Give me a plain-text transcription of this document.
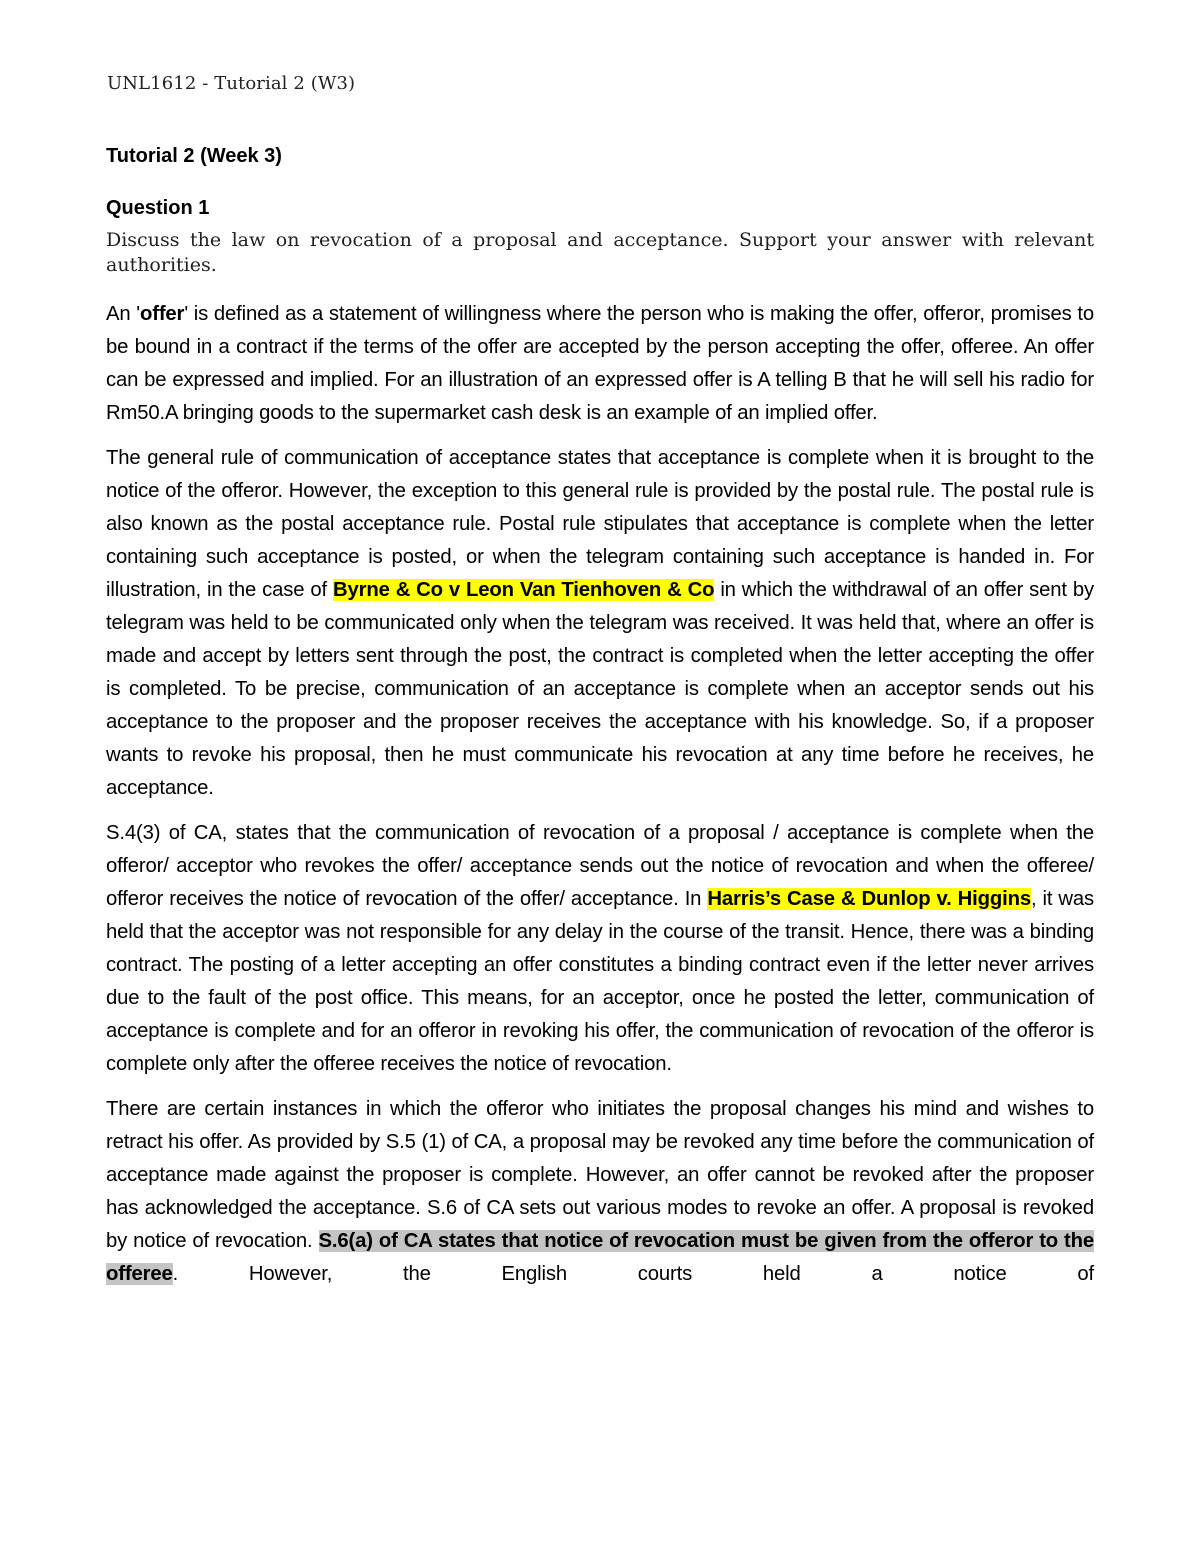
UNL1612 - Tutorial 2 (W3)

Tutorial 2 (Week 3)

Question 1

Discuss the law on revocation of a proposal and acceptance. Support your answer with relevant authorities.

An 'offer' is defined as a statement of willingness where the person who is making the offer, offeror, promises to be bound in a contract if the terms of the offer are accepted by the person accepting the offer, offeree. An offer can be expressed and implied. For an illustration of an expressed offer is A telling B that he will sell his radio for Rm50.A bringing goods to the supermarket cash desk is an example of an implied offer.

The general rule of communication of acceptance states that acceptance is complete when it is brought to the notice of the offeror. However, the exception to this general rule is provided by the postal rule. The postal rule is also known as the postal acceptance rule. Postal rule stipulates that acceptance is complete when the letter containing such acceptance is posted, or when the telegram containing such acceptance is handed in. For illustration, in the case of Byrne & Co v Leon Van Tienhoven & Co in which the withdrawal of an offer sent by telegram was held to be communicated only when the telegram was received. It was held that, where an offer is made and accept by letters sent through the post, the contract is completed when the letter accepting the offer is completed. To be precise, communication of an acceptance is complete when an acceptor sends out his acceptance to the proposer and the proposer receives the acceptance with his knowledge. So, if a proposer wants to revoke his proposal, then he must communicate his revocation at any time before he receives, he acceptance.

S.4(3) of CA, states that the communication of revocation of a proposal / acceptance is complete when the offeror/ acceptor who revokes the offer/ acceptance sends out the notice of revocation and when the offeree/ offeror receives the notice of revocation of the offer/ acceptance. In Harris’s Case & Dunlop v. Higgins, it was held that the acceptor was not responsible for any delay in the course of the transit. Hence, there was a binding contract. The posting of a letter accepting an offer constitutes a binding contract even if the letter never arrives due to the fault of the post office. This means, for an acceptor, once he posted the letter, communication of acceptance is complete and for an offeror in revoking his offer, the communication of revocation of the offeror is complete only after the offeree receives the notice of revocation.

There are certain instances in which the offeror who initiates the proposal changes his mind and wishes to retract his offer. As provided by S.5 (1) of CA, a proposal may be revoked any time before the communication of acceptance made against the proposer is complete. However, an offer cannot be revoked after the proposer has acknowledged the acceptance. S.6 of CA sets out various modes to revoke an offer. A proposal is revoked by notice of revocation. S.6(a) of CA states that notice of revocation must be given from the offeror to the offeree. However, the English courts held a notice of
